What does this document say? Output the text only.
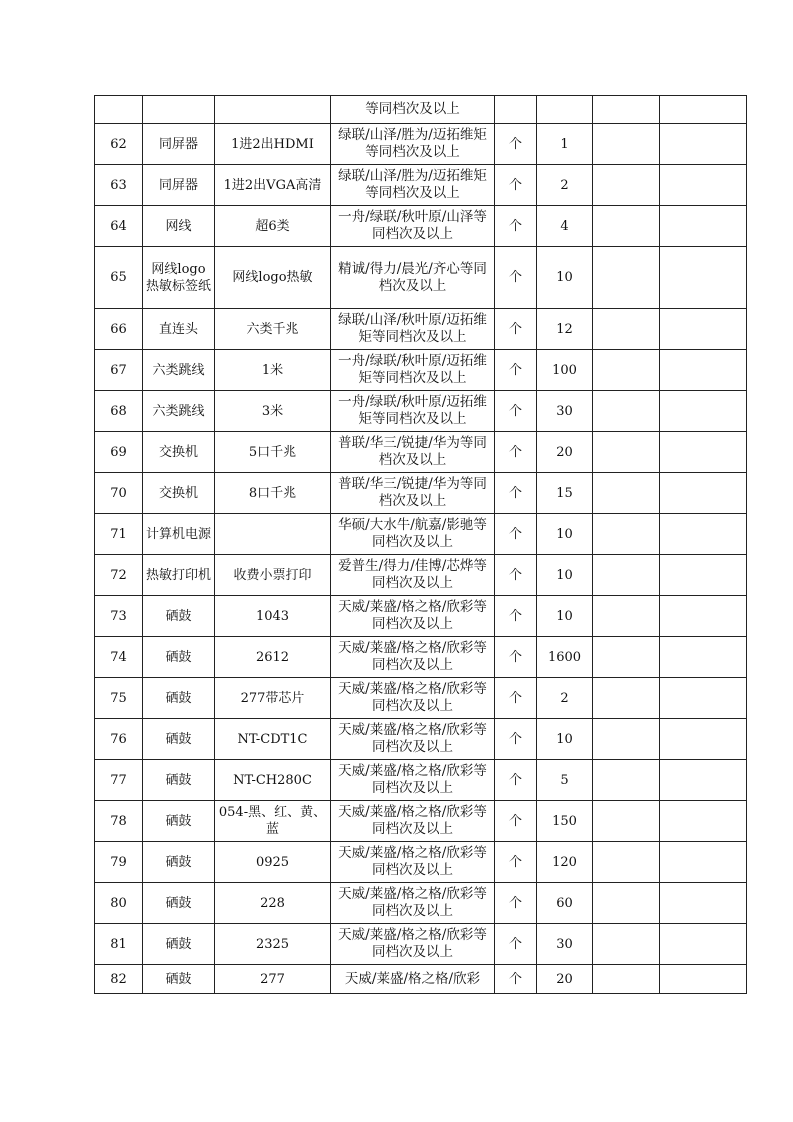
			等同档次及以上				
62	同屏器	1进2出HDMI	绿联/山泽/胜为/迈拓维矩等同档次及以上	个	1		
63	同屏器	1进2出VGA高清	绿联/山泽/胜为/迈拓维矩等同档次及以上	个	2		
64	网线	超6类	一舟/绿联/秋叶原/山泽等同档次及以上	个	4		
65	网线logo热敏标签纸	网线logo热敏	精诚/得力/晨光/齐心等同档次及以上	个	10		
66	直连头	六类千兆	绿联/山泽/秋叶原/迈拓维矩等同档次及以上	个	12		
67	六类跳线	1米	一舟/绿联/秋叶原/迈拓维矩等同档次及以上	个	100		
68	六类跳线	3米	一舟/绿联/秋叶原/迈拓维矩等同档次及以上	个	30		
69	交换机	5口千兆	普联/华三/锐捷/华为等同档次及以上	个	20		
70	交换机	8口千兆	普联/华三/锐捷/华为等同档次及以上	个	15		
71	计算机电源		华硕/大水牛/航嘉/影驰等同档次及以上	个	10		
72	热敏打印机	收费小票打印	爱普生/得力/佳博/芯烨等同档次及以上	个	10		
73	硒鼓	1043	天威/莱盛/格之格/欣彩等同档次及以上	个	10		
74	硒鼓	2612	天威/莱盛/格之格/欣彩等同档次及以上	个	1600		
75	硒鼓	277带芯片	天威/莱盛/格之格/欣彩等同档次及以上	个	2		
76	硒鼓	NT-CDT1C	天威/莱盛/格之格/欣彩等同档次及以上	个	10		
77	硒鼓	NT-CH280C	天威/莱盛/格之格/欣彩等同档次及以上	个	5		
78	硒鼓	054-黑、红、黄、蓝	天威/莱盛/格之格/欣彩等同档次及以上	个	150		
79	硒鼓	0925	天威/莱盛/格之格/欣彩等同档次及以上	个	120		
80	硒鼓	228	天威/莱盛/格之格/欣彩等同档次及以上	个	60		
81	硒鼓	2325	天威/莱盛/格之格/欣彩等同档次及以上	个	30		
82	硒鼓	277	天威/莱盛/格之格/欣彩	个	20		
